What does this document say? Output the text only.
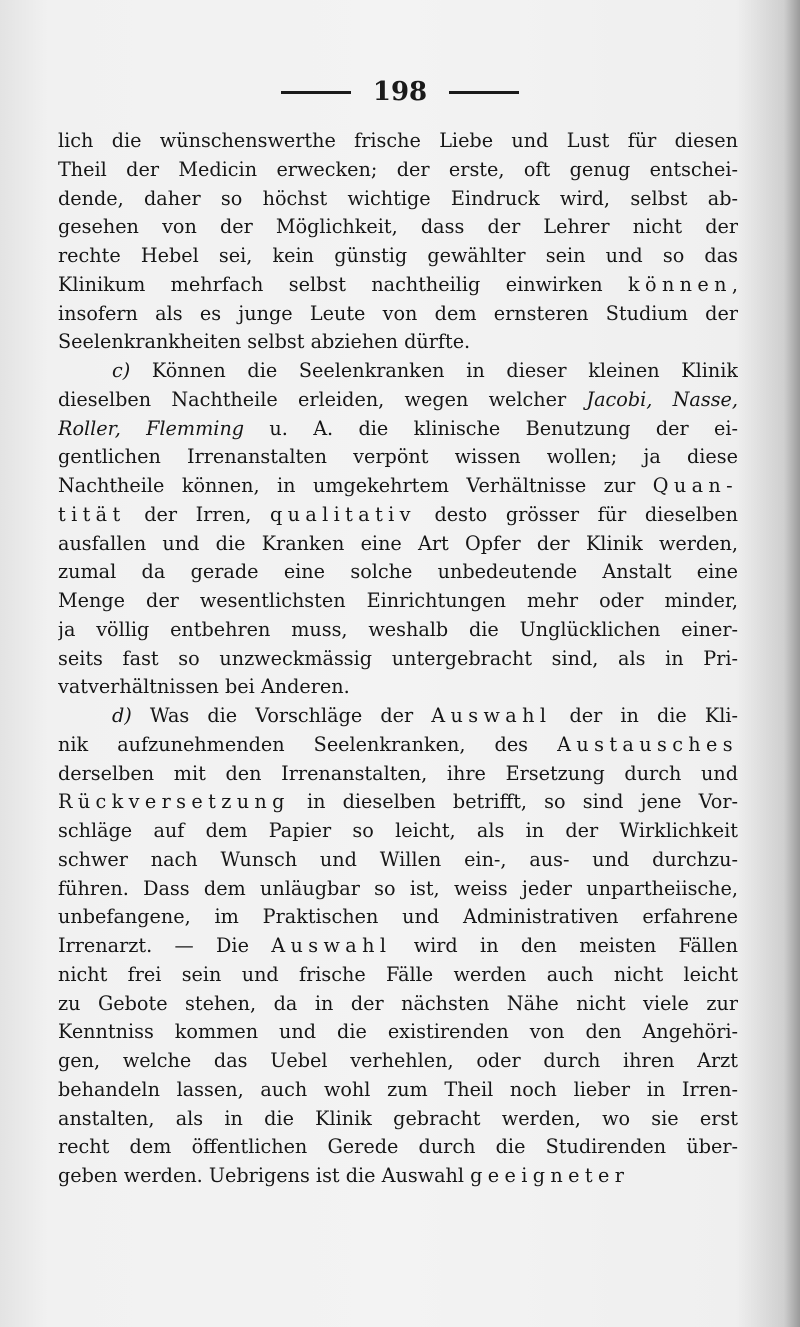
198
lich die wünschenswerthe frische Liebe und Lust für diesen
Theil der Medicin erwecken; der erste, oft genug entschei-
dende, daher so höchst wichtige Eindruck wird, selbst ab-
gesehen von der Möglichkeit, dass der Lehrer nicht der
rechte Hebel sei, kein günstig gewählter sein und so das
Klinikum mehrfach selbst nachtheilig einwirken können,
insofern als es junge Leute von dem ernsteren Studium der
Seelenkrankheiten selbst abziehen dürfte.
c) Können die Seelenkranken in dieser kleinen Klinik
dieselben Nachtheile erleiden, wegen welcher Jacobi, Nasse,
Roller, Flemming u. A. die klinische Benutzung der ei-
gentlichen Irrenanstalten verpönt wissen wollen; ja diese
Nachtheile können, in umgekehrtem Verhältnisse zur Quan-
tität der Irren, qualitativ desto grösser für dieselben
ausfallen und die Kranken eine Art Opfer der Klinik werden,
zumal da gerade eine solche unbedeutende Anstalt eine
Menge der wesentlichsten Einrichtungen mehr oder minder,
ja völlig entbehren muss, weshalb die Unglücklichen einer-
seits fast so unzweckmässig untergebracht sind, als in Pri-
vatverhältnissen bei Anderen.
d) Was die Vorschläge der Auswahl der in die Kli-
nik aufzunehmenden Seelenkranken, des Austausches
derselben mit den Irrenanstalten, ihre Ersetzung durch und
Rückversetzung in dieselben betrifft, so sind jene Vor-
schläge auf dem Papier so leicht, als in der Wirklichkeit
schwer nach Wunsch und Willen ein-, aus- und durchzu-
führen. Dass dem unläugbar so ist, weiss jeder unpartheiische,
unbefangene, im Praktischen und Administrativen erfahrene
Irrenarzt. — Die Auswahl wird in den meisten Fällen
nicht frei sein und frische Fälle werden auch nicht leicht
zu Gebote stehen, da in der nächsten Nähe nicht viele zur
Kenntniss kommen und die existirenden von den Angehöri-
gen, welche das Uebel verhehlen, oder durch ihren Arzt
behandeln lassen, auch wohl zum Theil noch lieber in Irren-
anstalten, als in die Klinik gebracht werden, wo sie erst
recht dem öffentlichen Gerede durch die Studirenden über-
geben werden. Uebrigens ist die Auswahl geeigneter
